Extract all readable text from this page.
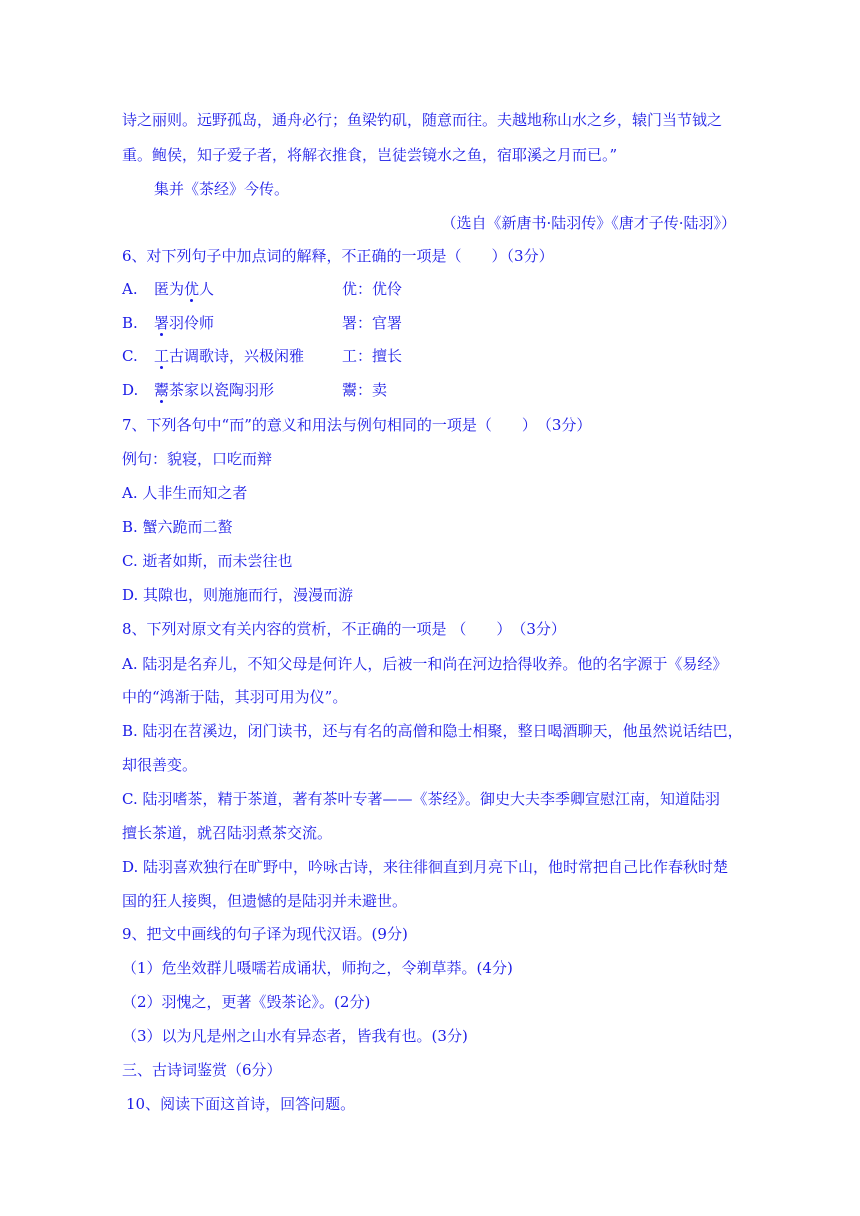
诗之丽则。远野孤岛，通舟必行；鱼梁钓矶，随意而往。夫越地称山水之乡，辕门当节钺之
重。鲍侯，知子爱子者，将解衣推食，岂徒尝镜水之鱼，宿耶溪之月而已。”
集并《茶经》今传。
（选自《新唐书·陆羽传》《唐才子传·陆羽》）
6、对下列句子中加点词的解释，不正确的一项是（　　）（3分）
A. 匿为优人	优：优伶
B. 署羽伶师	署：官署
C. 工古调歌诗，兴极闲雅	工：擅长
D. 鬻茶家以瓷陶羽形	鬻：卖
7、下列各句中“而”的意义和用法与例句相同的一项是（　　）　（3分）
例句：貌寝，口吃而辩
A. 人非生而知之者
B. 蟹六跪而二螯
C. 逝者如斯，而未尝往也
D. 其隙也，则施施而行，漫漫而游
8、下列对原文有关内容的赏析，不正确的一项是 （　　）　（3分）
A. 陆羽是名弃儿，不知父母是何许人，后被一和尚在河边拾得收养。他的名字源于《易经》
中的“鸿渐于陆，其羽可用为仪”。
B. 陆羽在苕溪边，闭门读书，还与有名的高僧和隐士相聚，整日喝酒聊天，他虽然说话结巴，
却很善变。
C. 陆羽嗜茶，精于茶道，著有茶叶专著——《茶经》。御史大夫李季卿宣慰江南，知道陆羽
擅长茶道，就召陆羽煮茶交流。
D. 陆羽喜欢独行在旷野中，吟咏古诗，来往徘徊直到月亮下山，他时常把自己比作春秋时楚
国的狂人接舆，但遗憾的是陆羽并未避世。
9、把文中画线的句子译为现代汉语。(9分)
（1）危坐效群儿嗫嚅若成诵状，师拘之，令剃草莽。(4分)
（2）羽愧之，更著《毁茶论》。(2分)
（3）以为凡是州之山水有异态者，皆我有也。(3分)
三、古诗词鉴赏（6分）
10、阅读下面这首诗，回答问题。
